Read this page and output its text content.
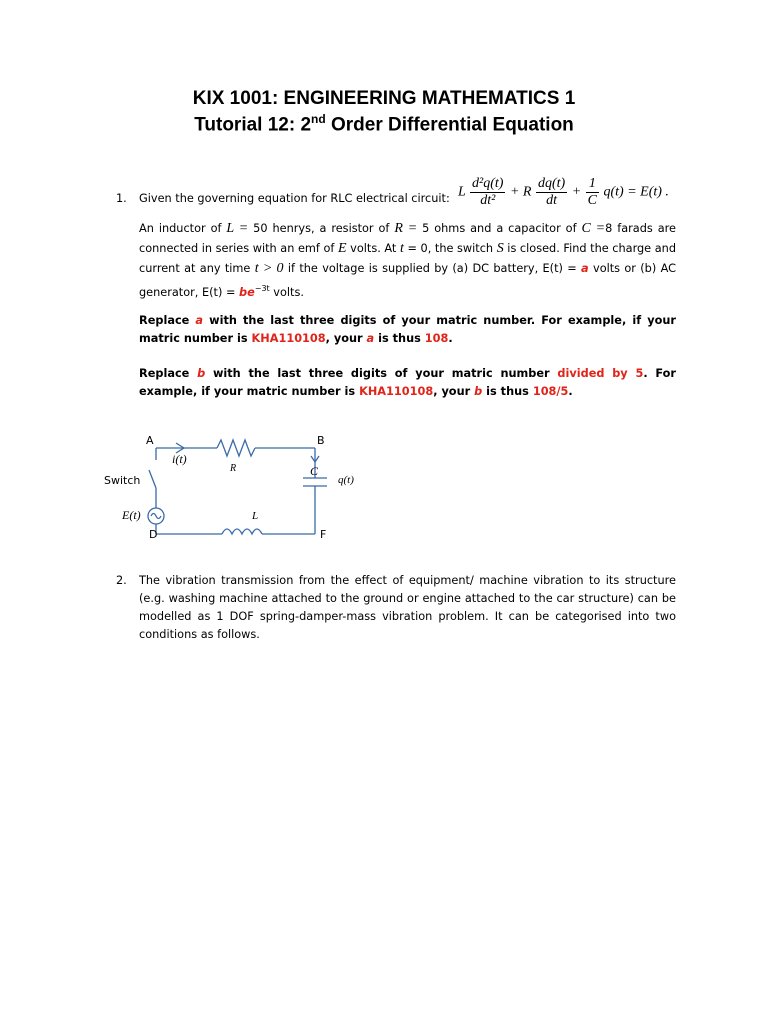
KIX 1001: ENGINEERING MATHEMATICS 1
Tutorial 12: 2nd Order Differential Equation
1. Given the governing equation for RLC electrical circuit: L $\frac{\text{d²q(t)}}{\text{dt²}} + R \frac{dq(t)}{dt} + \frac{1}{C} q(t) = E(t)$ .
An inductor of L = 50 henrys, a resistor of R = 5 ohms and a capacitor of C =8 farads are connected in series with an emf of E volts. At t = 0, the switch S is closed. Find the charge and current at any time t > 0 if the voltage is supplied by (a) DC battery, E(t) = a volts or (b) AC generator, $E(t) = be^{-3t}$ volts.
Replace a with the last three digits of your matric number. For example, if your matric number is KHA110108, your a is thus 108.
Replace b with the last three digits of your matric number divided by 5. For example, if your matric number is KHA110108, your b is thus 108/5.
A	B
D	F
Switch
i(t)
R	C
q(t)
E(t)	L
2. The vibration transmission from the effect of equipment/ machine vibration to its structure (e.g. washing machine attached to the ground or engine attached to the car structure) can be modelled as 1 DOF spring-damper-mass vibration problem. It can be categorised into two conditions as follows.
